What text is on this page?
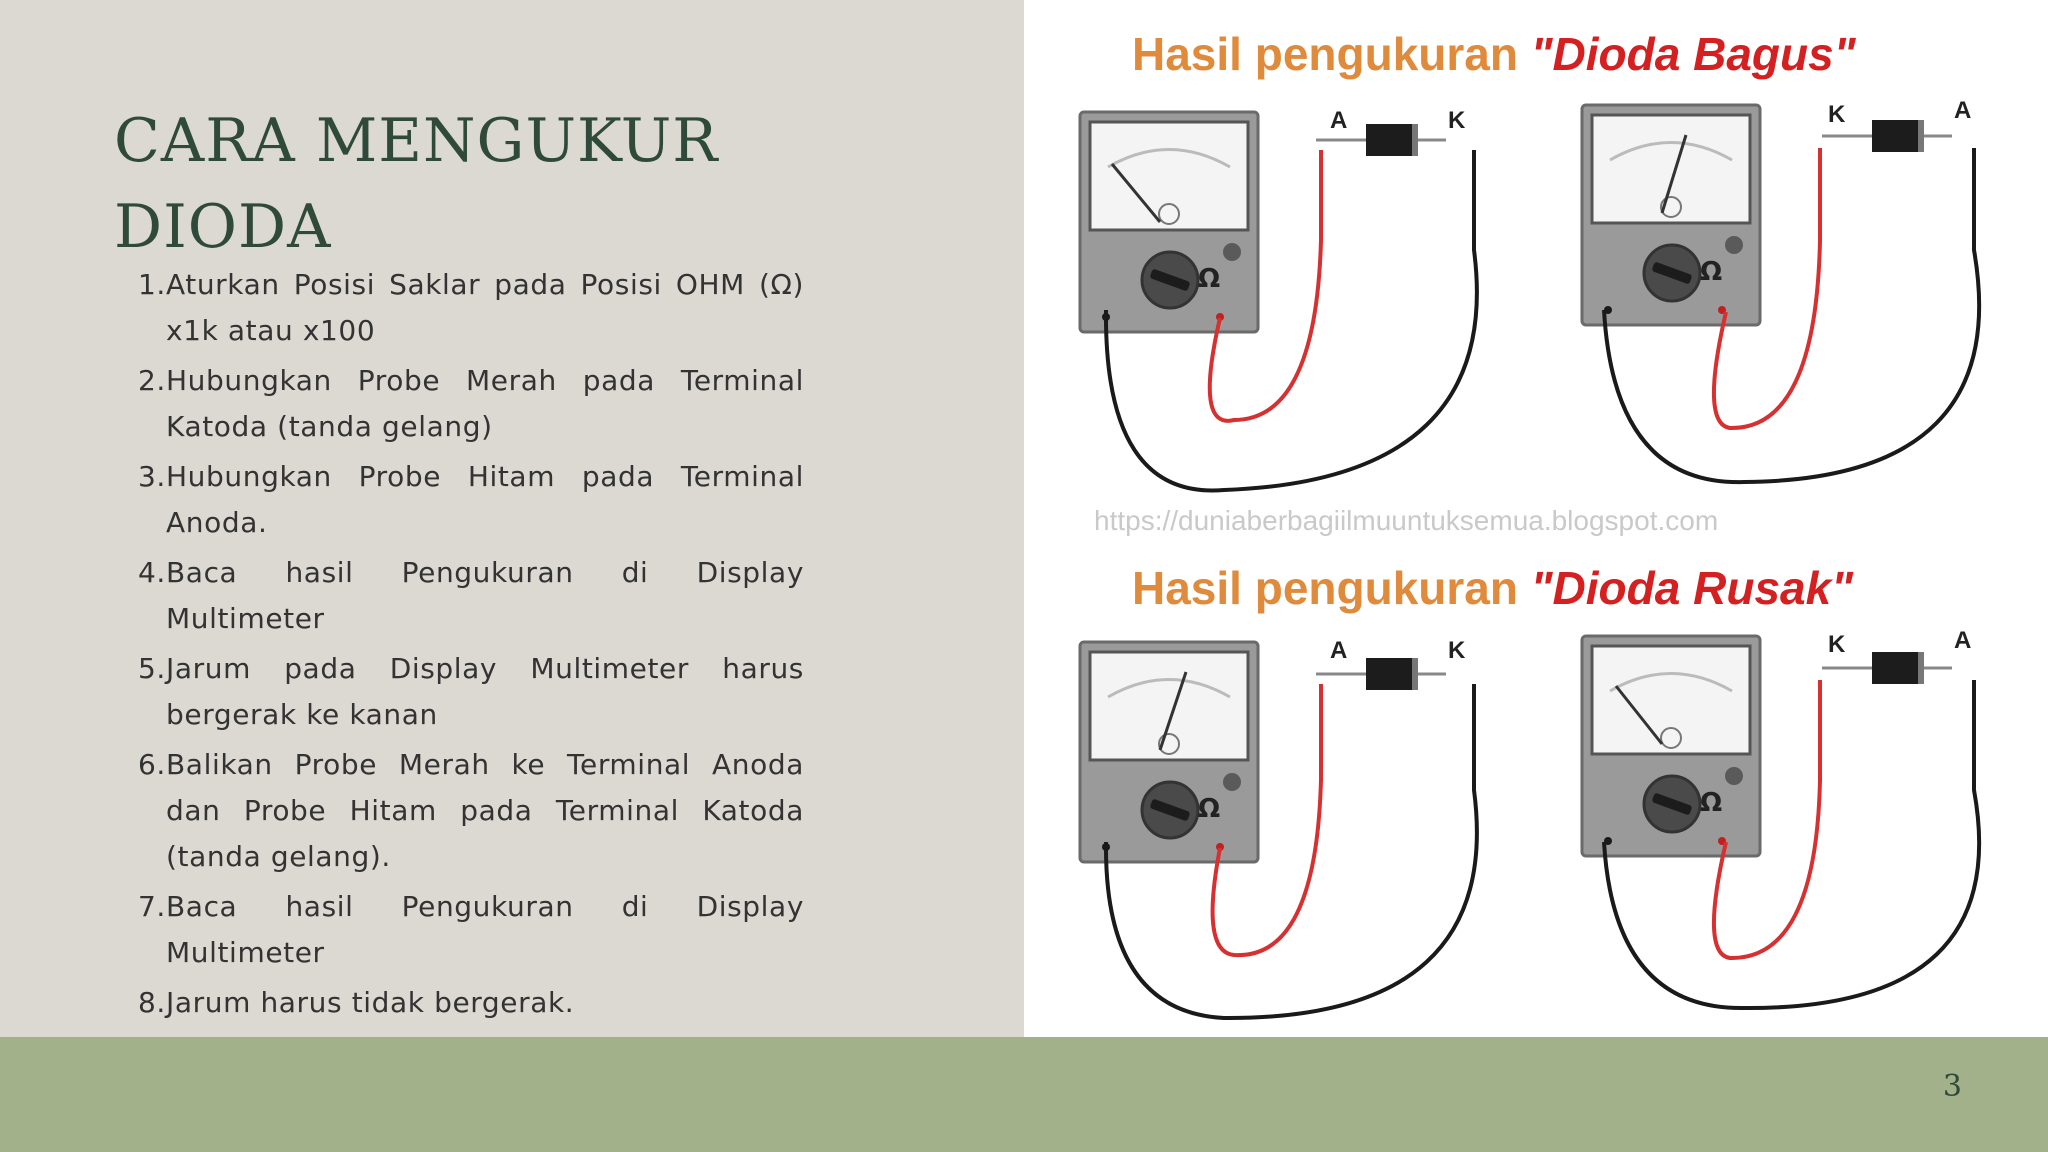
CARA MENGUKUR
DIODA
1. Aturkan Posisi Saklar pada Posisi OHM (Ω) x1k atau x100
2. Hubungkan Probe Merah pada Terminal Katoda (tanda gelang)
3. Hubungkan Probe Hitam pada Terminal Anoda.
4. Baca hasil Pengukuran di Display Multimeter
5. Jarum pada Display Multimeter harus bergerak ke kanan
6. Balikan Probe Merah ke Terminal Anoda dan Probe Hitam pada Terminal Katoda (tanda gelang).
7. Baca hasil Pengukuran di Display Multimeter
8. Jarum harus tidak bergerak.
Hasil pengukuran "Dioda Bagus"
Ω
A	K
Ω
K	A
https://duniaberbagiilmuuntuksemua.blogspot.com
Hasil pengukuran "Dioda Rusak"
Ω
A	K
Ω
K	A
3
